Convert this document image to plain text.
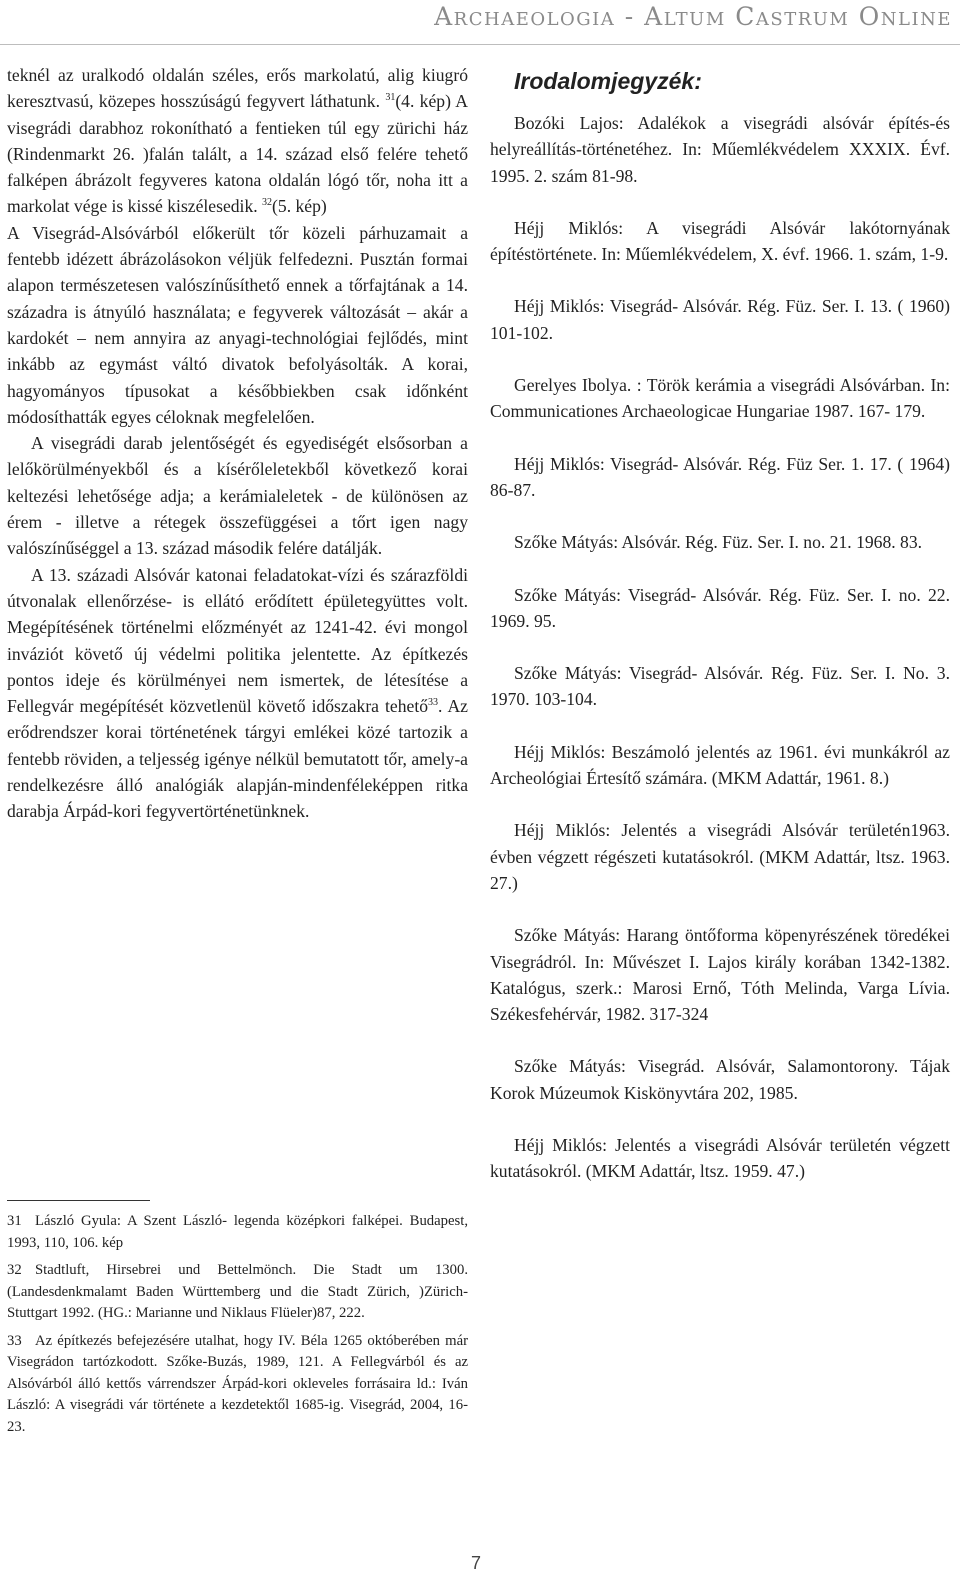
Archaeologia - Altum Castrum Online

teknél az uralkodó oldalán széles, erős markolatú, alig kiugró keresztvasú, közepes hosszúságú fegyvert láthatunk. $^{31}$(4. kép) A visegrádi darabhoz rokonítható a fentieken túl egy zürichi ház (Rindenmarkt 26. )falán talált, a 14. század első felére tehető falképen ábrázolt fegyveres katona oldalán lógó tőr, noha itt a markolat vége is kissé kiszélesedik. $^{32}$(5. kép)

A Visegrád-Alsóvárból előkerült tőr közeli párhuzamait a fentebb idézett ábrázolásokon véljük felfedezni. Pusztán formai alapon természetesen valószínűsíthető ennek a tőrfajtának a 14. századra is átnyúló használata; e fegyverek változását – akár a kardokét – nem annyira az anyagi-technológiai fejlődés, mint inkább az egymást váltó divatok befolyásolták. A korai, hagyományos típusokat a későbbiekben csak időnként módosíthatták egyes céloknak megfelelően.

A visegrádi darab jelentőségét és egyediségét elsősorban a lelőkörülményekből és a kísérőleletekből következő korai keltezési lehetősége adja; a kerámialeletek - de különösen az érem - illetve a rétegek összefüggései a tőrt igen nagy valószínűséggel a 13. század második felére datálják.

A 13. századi Alsóvár katonai feladatokat-vízi és szárazföldi útvonalak ellenőrzése- is ellátó erődített épületegyüttes volt. Megépítésének történelmi előzményét az 1241-42. évi mongol inváziót követő új védelmi politika jelentette. Az építkezés pontos ideje és körülményei nem ismertek, de létesítése a Fellegvár megépítését közvetlenül követő időszakra tehető$^{33}$. Az erődrendszer korai történetének tárgyi emlékei közé tartozik a fentebb röviden, a teljesség igénye nélkül bemutatott tőr, amely-a rendelkezésre álló analógiák alapján-mindenféleképpen ritka darabja Árpád-kori fegyvertörténetünknek.

31 László Gyula: A Szent László- legenda középkori falképei. Budapest, 1993, 110, 106. kép

32 Stadtluft, Hirsebrei und Bettelmönch. Die Stadt um 1300. (Landesdenkmalamt Baden Württemberg und die Stadt Zürich, )Zürich-Stuttgart 1992. (HG.: Marianne und Niklaus Flüeler)87, 222.

33 Az építkezés befejezésére utalhat, hogy IV. Béla 1265 októberében már Visegrádon tartózkodott. Szőke-Buzás, 1989, 121. A Fellegvárból és az Alsóvárból álló kettős várrendszer Árpád-kori okleveles forrásaira ld.: Iván László: A visegrádi vár története a kezdetektől 1685-ig. Visegrád, 2004, 16-23.

Irodalomjegyzék:

Bozóki Lajos: Adalékok a visegrádi alsóvár építés-és helyreállítás-történetéhez. In: Műemlékvédelem XXXIX. Évf. 1995. 2. szám 81-98.

Héjj Miklós: A visegrádi Alsóvár lakótornyának építéstörténete. In: Műemlékvédelem, X. évf. 1966. 1. szám, 1-9.

Héjj Miklós: Visegrád- Alsóvár. Rég. Füz. Ser. I. 13. ( 1960) 101-102.

Gerelyes Ibolya. : Török kerámia a visegrádi Alsóvárban. In: Communicationes Archaeologicae Hungariae 1987. 167- 179.

Héjj Miklós: Visegrád- Alsóvár. Rég. Füz Ser. 1. 17. ( 1964) 86-87.

Szőke Mátyás: Alsóvár. Rég. Füz. Ser. I. no. 21. 1968. 83.

Szőke Mátyás: Visegrád- Alsóvár. Rég. Füz. Ser. I. no. 22. 1969. 95.

Szőke Mátyás: Visegrád- Alsóvár. Rég. Füz. Ser. I. No. 3. 1970. 103-104.

Héjj Miklós: Beszámoló jelentés az 1961. évi munkákról az Archeológiai Értesítő számára. (MKM Adattár, 1961. 8.)

Héjj Miklós: Jelentés a visegrádi Alsóvár területén1963. évben végzett régészeti kutatásokról. (MKM Adattár, ltsz. 1963. 27.)

Szőke Mátyás: Harang öntőforma köpenyrészének töredékei Visegrádról. In: Művészet I. Lajos király korában 1342-1382. Katalógus, szerk.: Marosi Ernő, Tóth Melinda, Varga Lívia. Székesfehérvár, 1982. 317-324

Szőke Mátyás: Visegrád. Alsóvár, Salamontorony. Tájak Korok Múzeumok Kiskönyvtára 202, 1985.

Héjj Miklós: Jelentés a visegrádi Alsóvár területén végzett kutatásokról. (MKM Adattár, ltsz. 1959. 47.)

7
